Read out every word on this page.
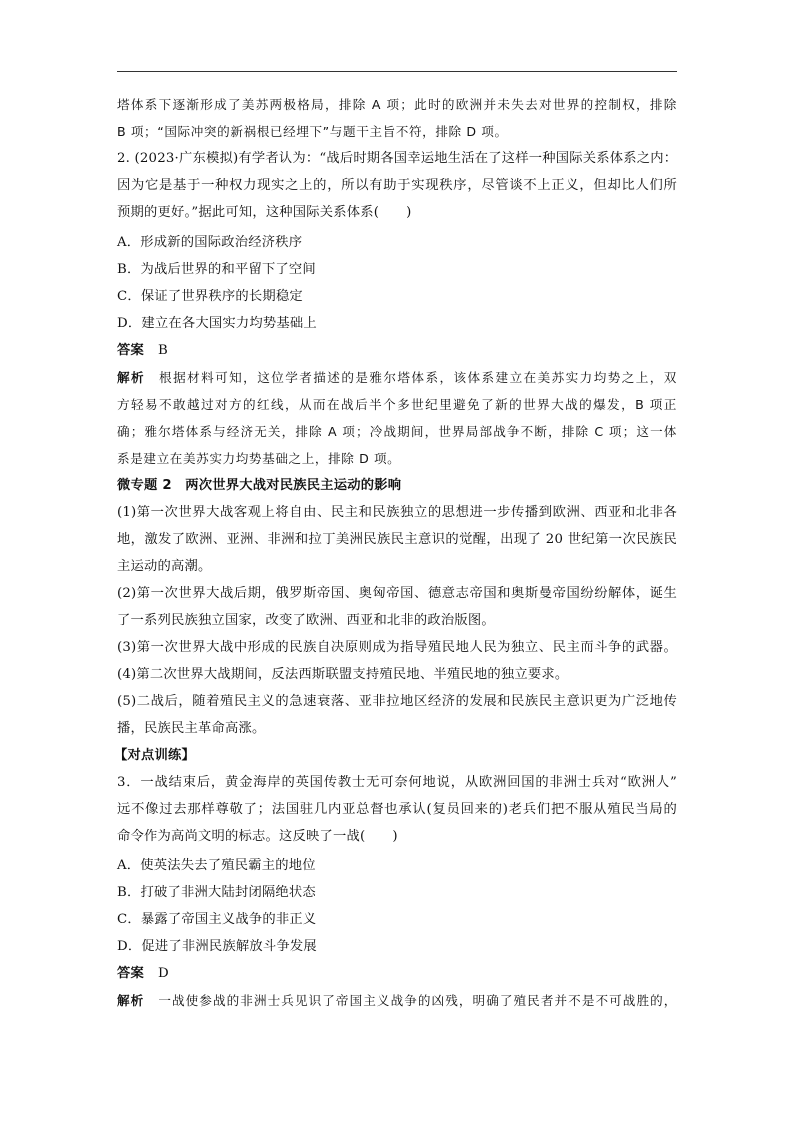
塔体系下逐渐形成了美苏两极格局，排除 A 项；此时的欧洲并未失去对世界的控制权，排除
B 项；“国际冲突的新祸根已经埋下”与题干主旨不符，排除 D 项。
2. (2023·广东模拟)有学者认为：“战后时期各国幸运地生活在了这样一种国际关系体系之内：
因为它是基于一种权力现实之上的，所以有助于实现秩序，尽管谈不上正义，但却比人们所
预期的更好。”据此可知，这种国际关系体系(　　)
A．形成新的国际政治经济秩序
B．为战后世界的和平留下了空间
C．保证了世界秩序的长期稳定
D．建立在各大国实力均势基础上
答案 B
解析 根据材料可知，这位学者描述的是雅尔塔体系，该体系建立在美苏实力均势之上，双
方轻易不敢越过对方的红线，从而在战后半个多世纪里避免了新的世界大战的爆发，B 项正
确；雅尔塔体系与经济无关，排除 A 项；冷战期间，世界局部战争不断，排除 C 项；这一体
系是建立在美苏实力均势基础之上，排除 D 项。
微专题 2　两次世界大战对民族民主运动的影响
(1)第一次世界大战客观上将自由、民主和民族独立的思想进一步传播到欧洲、西亚和北非各
地，激发了欧洲、亚洲、非洲和拉丁美洲民族民主意识的觉醒，出现了 20 世纪第一次民族民
主运动的高潮。
(2)第一次世界大战后期，俄罗斯帝国、奥匈帝国、德意志帝国和奥斯曼帝国纷纷解体，诞生
了一系列民族独立国家，改变了欧洲、西亚和北非的政治版图。
(3)第一次世界大战中形成的民族自决原则成为指导殖民地人民为独立、民主而斗争的武器。
(4)第二次世界大战期间，反法西斯联盟支持殖民地、半殖民地的独立要求。
(5)二战后，随着殖民主义的急速衰落、亚非拉地区经济的发展和民族民主意识更为广泛地传
播，民族民主革命高涨。
【对点训练】
3．一战结束后，黄金海岸的英国传教士无可奈何地说，从欧洲回国的非洲士兵对“欧洲人”
远不像过去那样尊敬了；法国驻几内亚总督也承认(复员回来的)老兵们把不服从殖民当局的
命令作为高尚文明的标志。这反映了一战(　　)
A．使英法失去了殖民霸主的地位
B．打破了非洲大陆封闭隔绝状态
C．暴露了帝国主义战争的非正义
D．促进了非洲民族解放斗争发展
答案 D
解析 一战使参战的非洲士兵见识了帝国主义战争的凶残，明确了殖民者并不是不可战胜的，
